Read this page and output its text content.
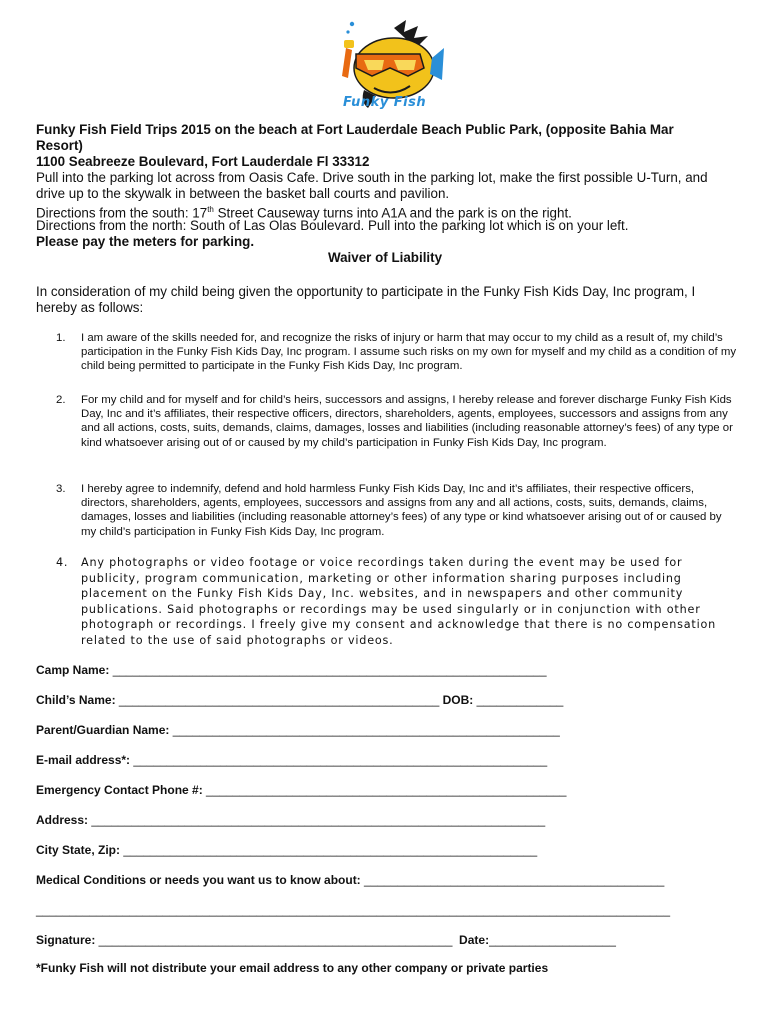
Funky Fish
Funky Fish Field Trips 2015 on the beach at Fort Lauderdale Beach Public Park, (opposite Bahia Mar
Resort)
1100 Seabreeze Boulevard, Fort Lauderdale Fl 33312
Pull into the parking lot across from Oasis Cafe. Drive south in the parking lot, make the first possible U-Turn, and
drive up to the skywalk in between the basket ball courts and pavilion.
Directions from the south: 17th Street Causeway turns into A1A and the park is on the right.
Directions from the north: South of Las Olas Boulevard. Pull into the parking lot which is on your left.
Please pay the meters for parking.
Waiver of Liability
In consideration of my child being given the opportunity to participate in the Funky Fish Kids Day, Inc program, I hereby as follows:
1. I am aware of the skills needed for, and recognize the risks of injury or harm that may occur to my child as a result of, my child’s participation in the Funky Fish Kids Day, Inc program. I assume such risks on my own for myself and my child as a condition of my child being permitted to participate in the Funky Fish Kids Day, Inc program.
2. For my child and for myself and for child’s heirs, successors and assigns, I hereby release and forever discharge Funky Fish Kids Day, Inc and it’s affiliates, their respective officers, directors, shareholders, agents, employees, successors and assigns from any and all actions, costs, suits, demands, claims, damages, losses and liabilities (including reasonable attorney’s fees) of any type or kind whatsoever arising out of or caused by my child’s participation in Funky Fish Kids Day, Inc program.
3. I hereby agree to indemnify, defend and hold harmless Funky Fish Kids Day, Inc and it’s affiliates, their respective officers, directors, shareholders, agents, employees, successors and assigns from any and all actions, costs, suits, demands, claims, damages, losses and liabilities (including reasonable attorney’s fees) of any type or kind whatsoever arising out of or caused by my child’s participation in Funky Fish Kids Day, Inc program.
4. Any photographs or video footage or voice recordings taken during the event may be used for publicity, program communication, marketing or other information sharing purposes including placement on the Funky Fish Kids Day, Inc. websites, and in newspapers and other community publications. Said photographs or recordings may be used singularly or in conjunction with other photograph or recordings. I freely give my consent and acknowledge that there is no compensation related to the use of said photographs or videos.
Camp Name: _________________________________________________________________
Child’s Name: ________________________________________________ DOB: _____________
Parent/Guardian Name: __________________________________________________________
E-mail address*: ______________________________________________________________
Emergency Contact Phone #: ______________________________________________________
Address: ____________________________________________________________________
City State, Zip: ______________________________________________________________
Medical Conditions or needs you want us to know about: _____________________________________________
_______________________________________________________________________________________________
Signature: _____________________________________________________  Date:___________________
*Funky Fish will not distribute your email address to any other company or private parties
